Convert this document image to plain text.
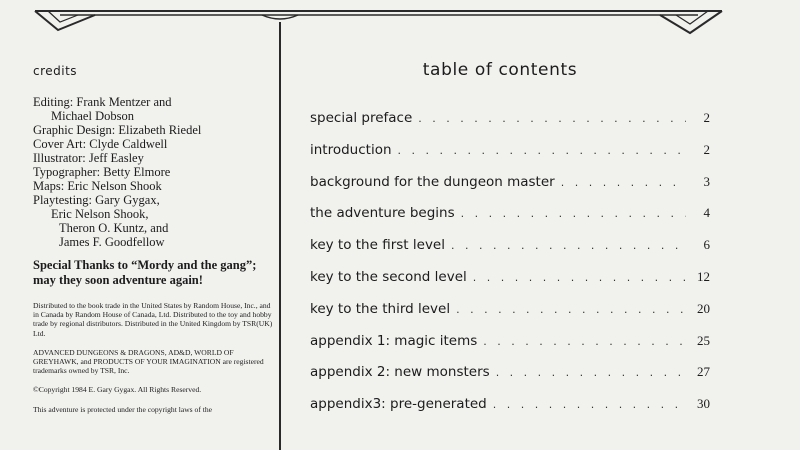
credits
Editing: Frank Mentzer and
Michael Dobson
Graphic Design: Elizabeth Riedel
Cover Art: Clyde Caldwell
Illustrator: Jeff Easley
Typographer: Betty Elmore
Maps: Eric Nelson Shook
Playtesting: Gary Gygax,
Eric Nelson Shook,
Theron O. Kuntz, and
James F. Goodfellow
Special Thanks to “Mordy and the gang”; may they soon adventure again!
Distributed to the book trade in the United States by Random House, Inc., and in Canada by Random House of Canada, Ltd. Distributed to the toy and hobby trade by regional distributors. Distributed in the United Kingdom by TSR(UK) Ltd.
ADVANCED DUNGEONS & DRAGONS, AD&D, WORLD OF GREYHAWK, and PRODUCTS OF YOUR IMAGINATION are registered trademarks owned by TSR, Inc.
©Copyright 1984 E. Gary Gygax. All Rights Reserved.
This adventure is protected under the copyright laws of the

table of contents
special preface . . .	2
introduction . . .	2
background for the dungeon master . . .	3
the adventure begins . . .	4
key to the first level . . .	6
key to the second level . . .	12
key to the third level . . .	20
appendix 1: magic items . . .	25
appendix 2: new monsters . . .	27
appendix3: pre-generated . . .	30
